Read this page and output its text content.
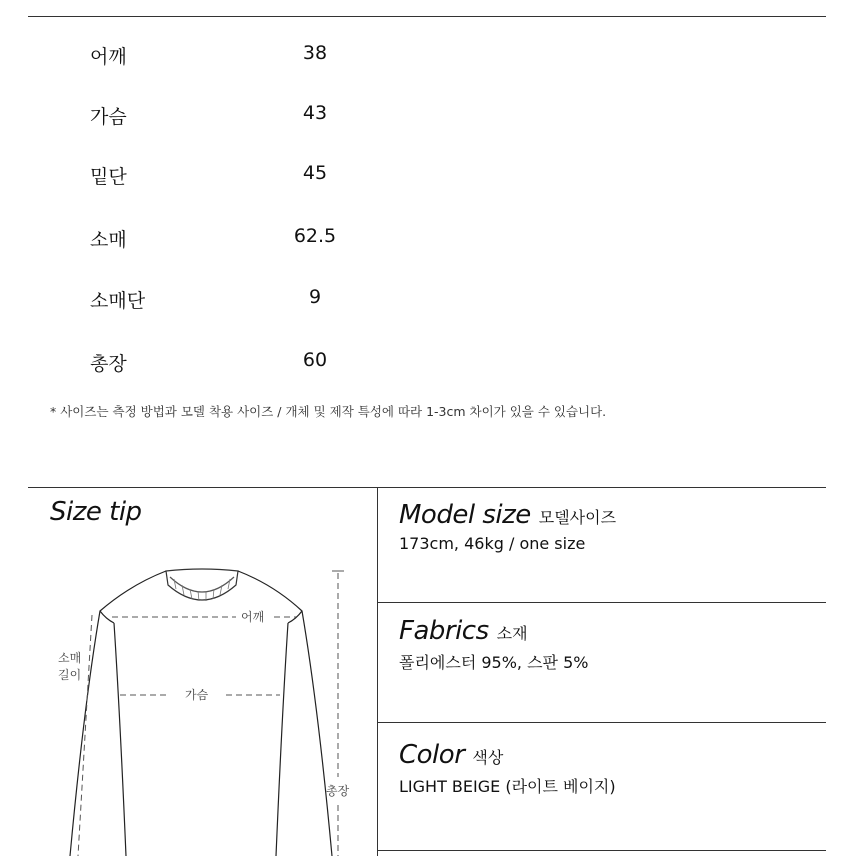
어깨	38
가슴	43
밑단	45
소매	62.5
소매단	9
총장	60
* 사이즈는 측정 방법과 모델 착용 사이즈 / 개체 및 제작 특성에 따라 1-3cm 차이가 있을 수 있습니다.
Size tip
어깨
가슴
소매
길이
총장
Model size 모델사이즈
173cm, 46kg / one size
Fabrics 소재
폴리에스터 95%, 스판 5%
Color 색상
LIGHT BEIGE (라이트 베이지)
